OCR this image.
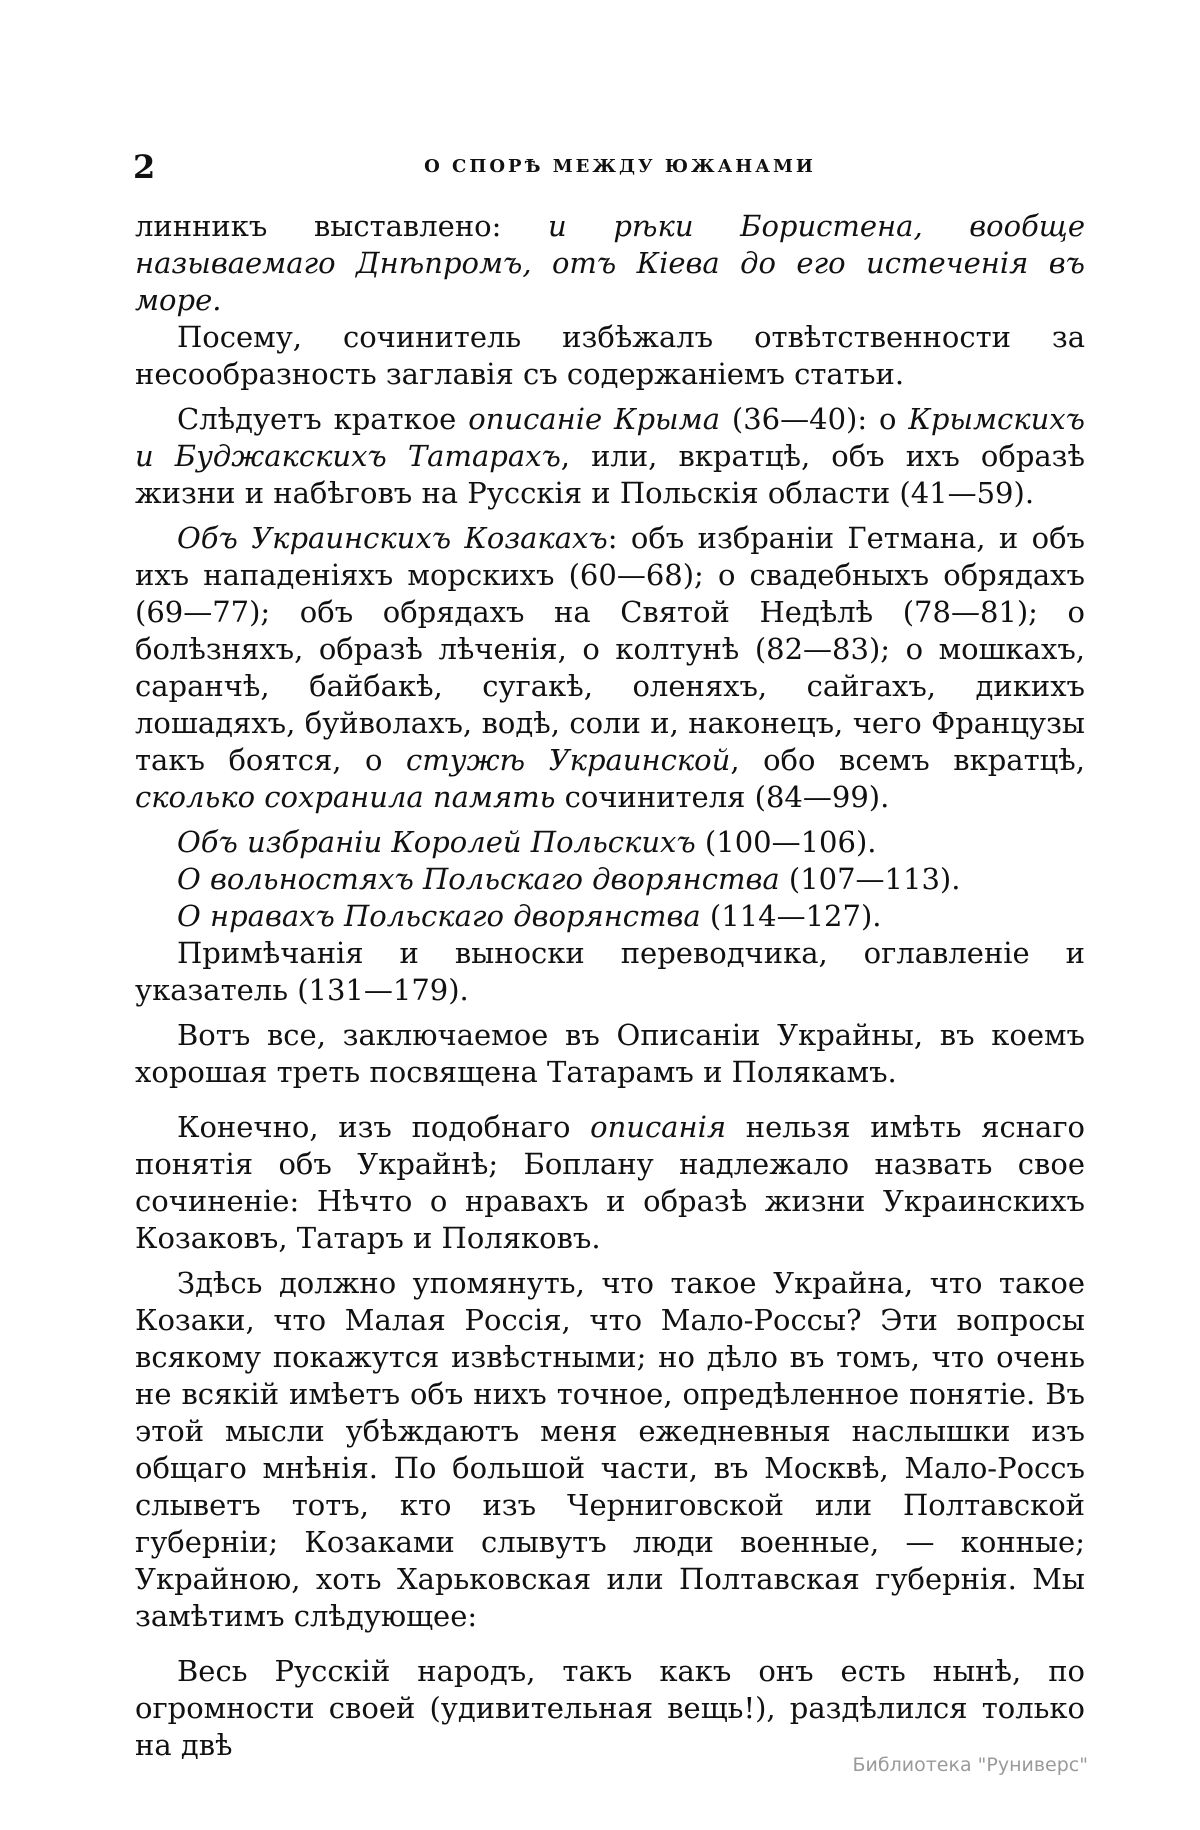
2	О СПОРѢ МЕЖДУ ЮЖАНАМИ

линникъ выставлено: и рѣки Бористена, вообще называемаго Днѣпромъ, отъ Кіева до его истеченія въ море.

Посему, сочинитель избѣжалъ отвѣтственности за несообразность заглавія съ содержаніемъ статьи.

Слѣдуетъ краткое описаніе Крыма (36—40): о Крымскихъ и Буджакскихъ Татарахъ, или, вкратцѣ, объ ихъ образѣ жизни и набѣговъ на Русскія и Польскія области (41—59).

Объ Украинскихъ Козакахъ: объ избраніи Гетмана, и объ ихъ нападеніяхъ морскихъ (60—68); о свадебныхъ обрядахъ (69—77); объ обрядахъ на Святой Недѣлѣ (78—81); о болѣзняхъ, образѣ лѣченія, о колтунѣ (82—83); о мошкахъ, саранчѣ, байбакѣ, сугакѣ, оленяхъ, сайгахъ, дикихъ лошадяхъ, буйволахъ, водѣ, соли и, наконецъ, чего Французы такъ боятся, о стужѣ Украинской, обо всемъ вкратцѣ, сколько сохранила память сочинителя (84—99).

Объ избраніи Королей Польскихъ (100—106).

О вольностяхъ Польскаго дворянства (107—113).

О нравахъ Польскаго дворянства (114—127).

Примѣчанія и выноски переводчика, оглавленіе и указатель (131—179).

Вотъ все, заключаемое въ Описаніи Украйны, въ коемъ хорошая треть посвящена Татарамъ и Полякамъ.

Конечно, изъ подобнаго описанія нельзя имѣть яснаго понятія объ Украйнѣ; Боплану надлежало назвать свое сочиненіе: Нѣчто о нравахъ и образѣ жизни Украинскихъ Козаковъ, Татаръ и Поляковъ.

Здѣсь должно упомянуть, что такое Украйна, что такое Козаки, что Малая Россія, что Мало-Россы? Эти вопросы всякому покажутся извѣстными; но дѣло въ томъ, что очень не всякій имѣетъ объ нихъ точное, опредѣленное понятіе. Въ этой мысли убѣждаютъ меня ежедневныя наслышки изъ общаго мнѣнія. По большой части, въ Москвѣ, Мало-Россъ слыветъ тотъ, кто изъ Черниговской или Полтавской губерніи; Козаками слывутъ люди военные, — конные; Украйною, хоть Харьковская или Полтавская губернія. Мы замѣтимъ слѣдующее:

Весь Русскій народъ, такъ какъ онъ есть нынѣ, по огромности своей (удивительная вещь!), раздѣлился только на двѣ

Библиотека "Руниверс"
